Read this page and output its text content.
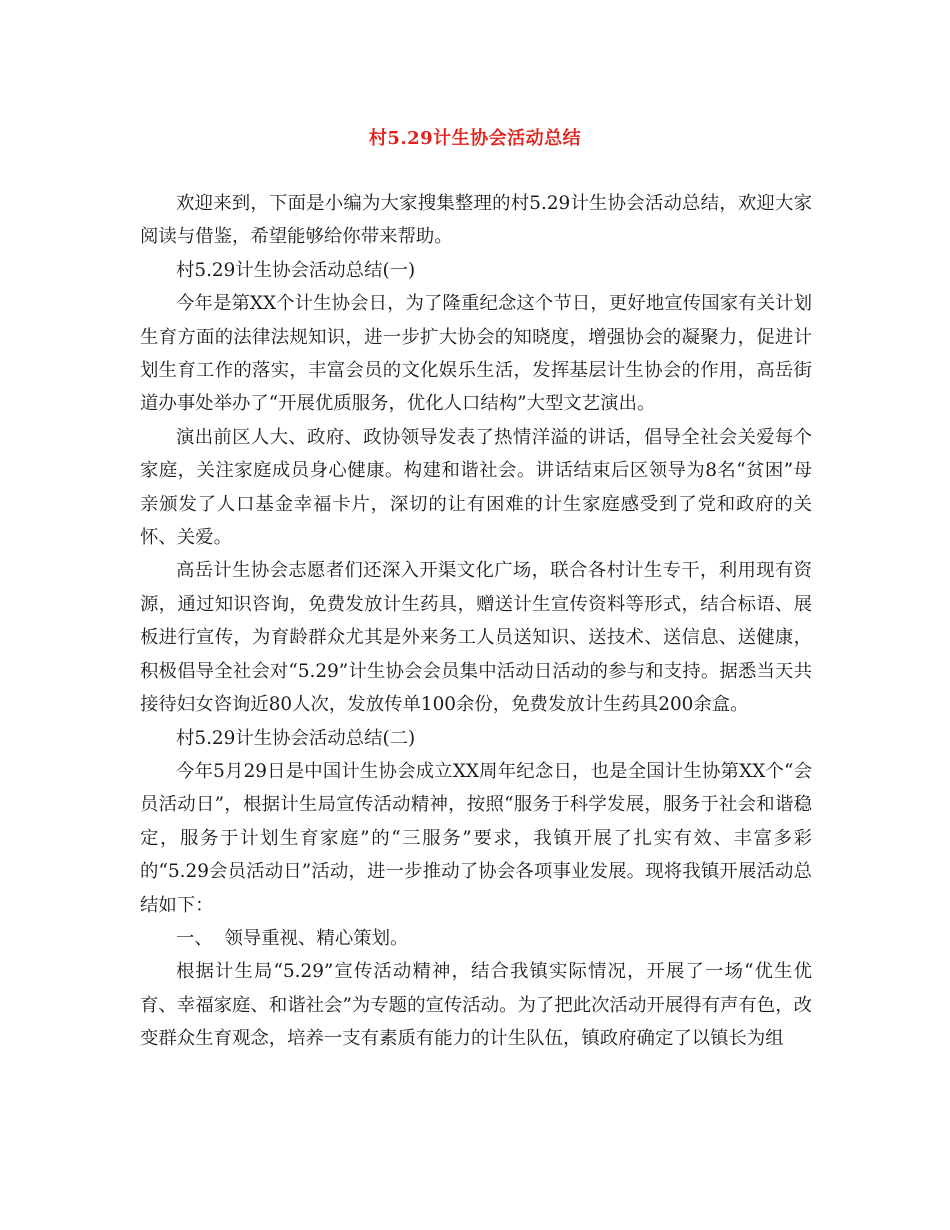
村5.29计生协会活动总结

欢迎来到，下面是小编为大家搜集整理的村5.29计生协会活动总结，欢迎大家阅读与借鉴，希望能够给你带来帮助。

村5.29计生协会活动总结(一)

今年是第XX个计生协会日，为了隆重纪念这个节日，更好地宣传国家有关计划生育方面的法律法规知识，进一步扩大协会的知晓度，增强协会的凝聚力，促进计划生育工作的落实，丰富会员的文化娱乐生活，发挥基层计生协会的作用，高岳街道办事处举办了“开展优质服务，优化人口结构”大型文艺演出。

演出前区人大、政府、政协领导发表了热情洋溢的讲话，倡导全社会关爱每个家庭，关注家庭成员身心健康。构建和谐社会。讲话结束后区领导为8名“贫困”母亲颁发了人口基金幸福卡片，深切的让有困难的计生家庭感受到了党和政府的关怀、关爱。

高岳计生协会志愿者们还深入开渠文化广场，联合各村计生专干，利用现有资源，通过知识咨询，免费发放计生药具，赠送计生宣传资料等形式，结合标语、展板进行宣传，为育龄群众尤其是外来务工人员送知识、送技术、送信息、送健康，积极倡导全社会对“5.29”计生协会会员集中活动日活动的参与和支持。据悉当天共接待妇女咨询近80人次，发放传单100余份，免费发放计生药具200余盒。

村5.29计生协会活动总结(二)

今年5月29日是中国计生协会成立XX周年纪念日，也是全国计生协第XX个“会员活动日”，根据计生局宣传活动精神，按照“服务于科学发展，服务于社会和谐稳定，服务于计划生育家庭”的“三服务”要求，我镇开展了扎实有效、丰富多彩的“5.29会员活动日”活动，进一步推动了协会各项事业发展。现将我镇开展活动总结如下：

一、  领导重视、精心策划。

根据计生局“5.29”宣传活动精神，结合我镇实际情况，开展了一场“优生优育、幸福家庭、和谐社会”为专题的宣传活动。为了把此次活动开展得有声有色，改变群众生育观念，培养一支有素质有能力的计生队伍，镇政府确定了以镇长为组
